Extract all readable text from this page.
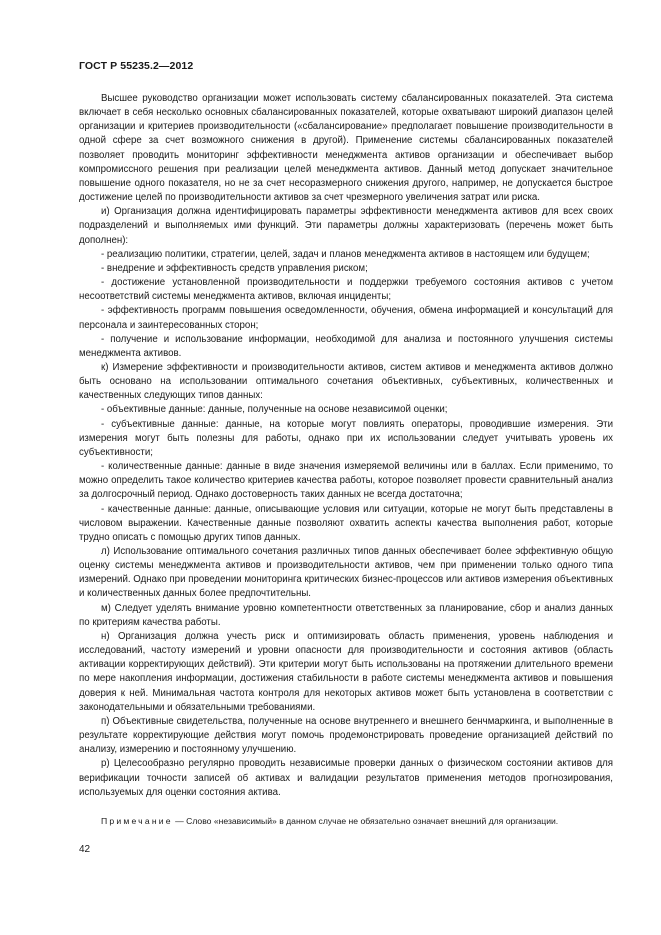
ГОСТ Р 55235.2—2012

Высшее руководство организации может использовать систему сбалансированных показателей. Эта система включает в себя несколько основных сбалансированных показателей, которые охватывают широкий диапазон целей организации и критериев производительности («сбалансирование» предполагает повышение производительности в одной сфере за счет возможного снижения в другой). Применение системы сбалансированных показателей позволяет проводить мониторинг эффективности менеджмента активов организации и обеспечивает выбор компромиссного решения при реализации целей менеджмента активов. Данный метод допускает значительное повышение одного показателя, но не за счет несоразмерного снижения другого, например, не допускается быстрое достижение целей по производительности активов за счет чрезмерного увеличения затрат или риска.

и) Организация должна идентифицировать параметры эффективности менеджмента активов для всех своих подразделений и выполняемых ими функций. Эти параметры должны характеризовать (перечень может быть дополнен):

- реализацию политики, стратегии, целей, задач и планов менеджмента активов в настоящем или будущем;

- внедрение и эффективность средств управления риском;

- достижение установленной производительности и поддержки требуемого состояния активов с учетом несоответствий системы менеджмента активов, включая инциденты;

- эффективность программ повышения осведомленности, обучения, обмена информацией и консультаций для персонала и заинтересованных сторон;

- получение и использование информации, необходимой для анализа и постоянного улучшения системы менеджмента активов.

к) Измерение эффективности и производительности активов, систем активов и менеджмента активов должно быть основано на использовании оптимального сочетания объективных, субъективных, количественных и качественных следующих типов данных:

- объективные данные: данные, полученные на основе независимой оценки;

- субъективные данные: данные, на которые могут повлиять операторы, проводившие измерения. Эти измерения могут быть полезны для работы, однако при их использовании следует учитывать уровень их субъективности;

- количественные данные: данные в виде значения измеряемой величины или в баллах. Если применимо, то можно определить такое количество критериев качества работы, которое позволяет провести сравнительный анализ за долгосрочный период. Однако достоверность таких данных не всегда достаточна;

- качественные данные: данные, описывающие условия или ситуации, которые не могут быть представлены в числовом выражении. Качественные данные позволяют охватить аспекты качества выполнения работ, которые трудно описать с помощью других типов данных.

л) Использование оптимального сочетания различных типов данных обеспечивает более эффективную общую оценку системы менеджмента активов и производительности активов, чем при применении только одного типа измерений. Однако при проведении мониторинга критических бизнес-процессов или активов измерения объективных и количественных данных более предпочтительны.

м) Следует уделять внимание уровню компетентности ответственных за планирование, сбор и анализ данных по критериям качества работы.

н) Организация должна учесть риск и оптимизировать область применения, уровень наблюдения и исследований, частоту измерений и уровни опасности для производительности и состояния активов (область активации корректирующих действий). Эти критерии могут быть использованы на протяжении длительного времени по мере накопления информации, достижения стабильности в работе системы менеджмента активов и повышения доверия к ней. Минимальная частота контроля для некоторых активов может быть установлена в соответствии с законодательными и обязательными требованиями.

п) Объективные свидетельства, полученные на основе внутреннего и внешнего бенчмаркинга, и выполненные в результате корректирующие действия могут помочь продемонстрировать проведение организацией действий по анализу, измерению и постоянному улучшению.

р) Целесообразно регулярно проводить независимые проверки данных о физическом состоянии активов для верификации точности записей об активах и валидации результатов применения методов прогнозирования, используемых для оценки состояния актива.

Примечание — Слово «независимый» в данном случае не обязательно означает внешний для организации.

42
